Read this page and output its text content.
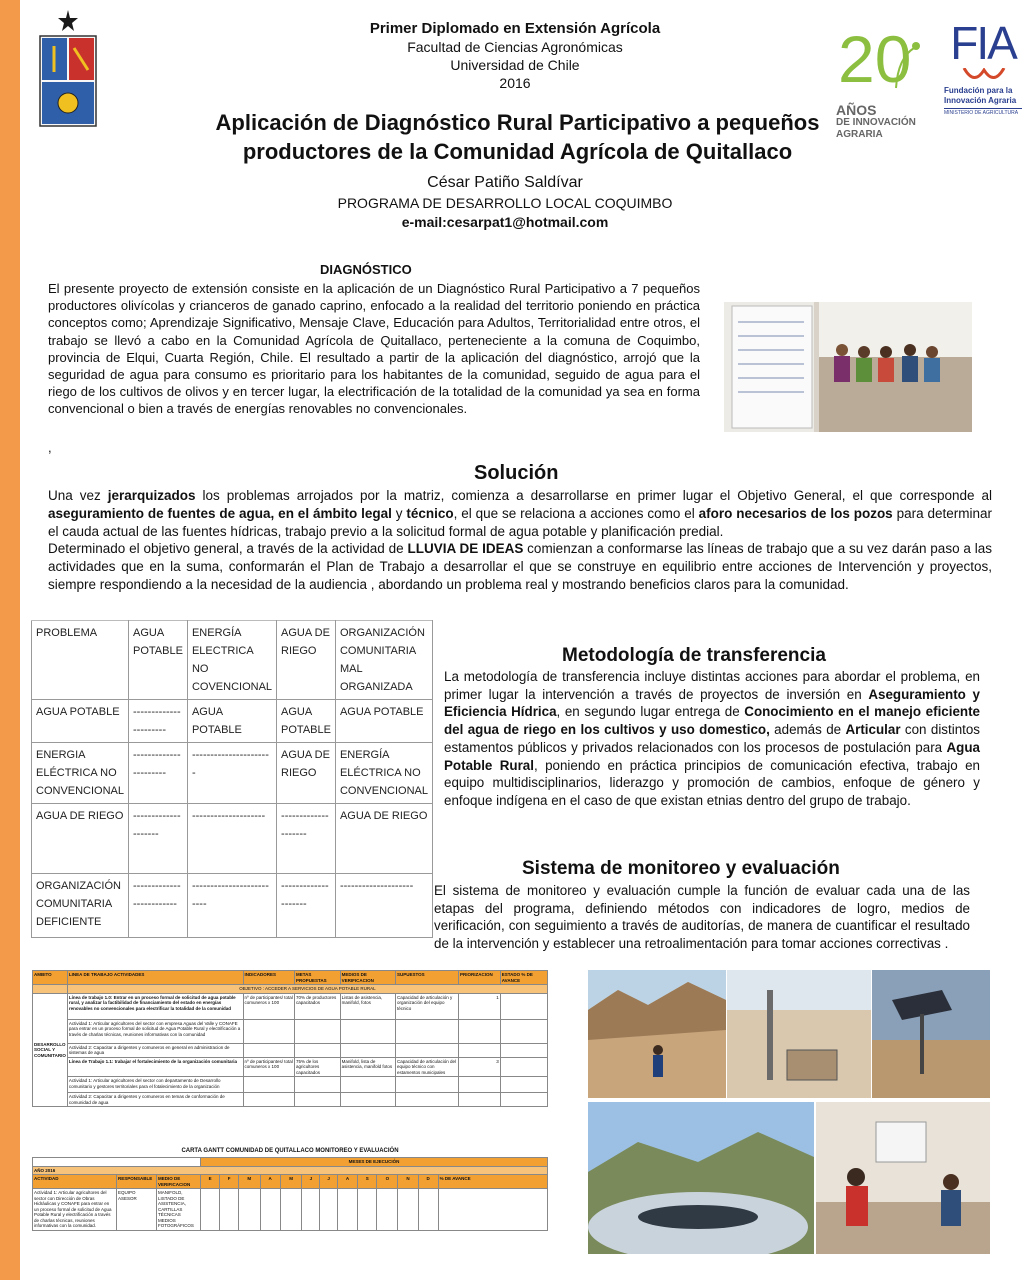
20
AÑOS
DE INNOVACIÓN
AGRARIA
FIA
Fundación para la
Innovación Agraria
MINISTERIO DE AGRICULTURA
Primer Diplomado en Extensión Agrícola
Facultad de Ciencias Agronómicas
Universidad de Chile
2016
Aplicación de Diagnóstico Rural Participativo a pequeños
productores de la Comunidad Agrícola de Quitallaco
César Patiño Saldívar
PROGRAMA DE DESARROLLO LOCAL COQUIMBO
e-mail:cesarpat1@hotmail.com
DIAGNÓSTICO
El presente proyecto de extensión consiste en la aplicación de un Diagnóstico Rural Participativo a 7 pequeños productores olivícolas y crianceros de ganado caprino, enfocado a la realidad del territorio poniendo en práctica conceptos como; Aprendizaje Significativo, Mensaje Clave, Educación para Adultos, Territorialidad entre otros, el trabajo se llevó a cabo en la Comunidad Agrícola de Quitallaco, perteneciente a la comuna de Coquimbo, provincia de Elqui, Cuarta Región, Chile. El resultado a partir de la aplicación del diagnóstico, arrojó que la seguridad de agua para consumo es prioritario para los habitantes de la comunidad, seguido de agua para el riego de los cultivos de olivos y en tercer lugar, la electrificación de la totalidad de la comunidad ya sea en forma convencional o bien a través de energías renovables no convencionales.
,
Solución

Una vez jerarquizados los problemas arrojados por la matriz, comienza a desarrollarse en primer lugar el Objetivo General, el que corresponde al aseguramiento de fuentes de agua, en el ámbito legal y técnico, el que se relaciona a acciones como el aforo necesarios de los pozos para determinar el cauda actual de las fuentes hídricas, trabajo previo a la solicitud formal de agua potable y planificación predial.

Determinado el objetivo general, a través de la actividad de LLUVIA DE IDEAS comienzan a conformarse las líneas de trabajo que a su vez darán paso a las actividades que en la suma, conformarán el Plan de Trabajo a desarrollar el que se construye en equilibrio entre acciones de Intervención y proyectos, siempre respondiendo a la necesidad de la audiencia , abordando un problema real y mostrando beneficios claros para la comunidad.

PROBLEMA	AGUA POTABLE	ENERGÍA ELECTRICA NO COVENCIONAL	AGUA DE RIEGO	ORGANIZACIÓN COMUNITARIA MAL ORGANIZADA
AGUA POTABLE	----------------------	AGUA POTABLE	AGUA POTABLE	AGUA POTABLE
ENERGIA ELÉCTRICA NO CONVENCIONAL	----------------------	----------------------	AGUA DE RIEGO	ENERGÍA ELÉCTRICA NO CONVENCIONAL
AGUA DE RIEGO	--------------------	--------------------	--------------------	AGUA DE RIEGO
ORGANIZACIÓN COMUNITARIA DEFICIENTE	-------------------------	-------------------------	--------------------	--------------------
Metodología de transferencia
La metodología de transferencia incluye distintas acciones para abordar el problema, en primer lugar la intervención a través de proyectos de inversión en Aseguramiento y Eficiencia Hídrica, en segundo lugar entrega de Conocimiento en el manejo eficiente del agua de riego en los cultivos y uso domestico, además de Articular con distintos estamentos públicos y privados relacionados con los procesos de postulación para Agua Potable Rural, poniendo en práctica principios de comunicación efectiva, trabajo en equipo multidisciplinarios, liderazgo y promoción de cambios, enfoque de género y enfoque indígena en el caso de que existan etnias dentro del grupo de trabajo.
Sistema de monitoreo y evaluación
El sistema de monitoreo y evaluación cumple la función de evaluar cada una de las etapas del programa, definiendo métodos con indicadores de logro, medios de verificación, con seguimiento a través de auditorías, de manera de cuantificar el resultado de la intervención y establecer una retroalimentación para tomar acciones correctivas .
AMBITO	LINEA DE TRABAJO ACTIVIDADES	INDICADORES	METAS PROPUESTAS	MEDIOS DE VERIFICACION	SUPUESTOS	PRIORIZACION	ESTADO % DE AVANCE
	OBJETIVO : ACCEDER A SERVICIOS DE AGUA POTABLE RURAL						
DESARROLLO SOCIAL Y COMUNITARIO	Línea de trabajo 1.0: Entrar en un proceso formal de solicitud de agua potable rural, y analizar la factibilidad de financiamiento del estado en energías renovables no convencionales para electrificar la totalidad de la comunidad	nº de participantes/ total comuneros x 100	70% de productores capacitados	Listas de asistencia, manifold, fotos	Capacidad de articulación y organización del equipo técnico	1	
	Actividad 1: Articular agricultores del sector con empresa Aguas del Valle y CONAFE para entrar en un proceso formal de solicitud de Agua Potable Rural y electrificación a través de charlas técnicas, reuniones informativas con la comunidad						
	Actividad 2: Capacitar a dirigentes y comuneros en general en administracion de sistemas de agua						
	Línea de Trabajo 1.1: trabajar el fortalecimiento de la organización comunitaria	nº de participantes/ total comuneros x 100	75% de los agricultores capacitados	Manifold, lista de asistencia, manifold fotos	Capacidad de articulación del equipo técnico con estamentos municipales	3	
	Actividad 1: Articular agricultores del sector con departamento de Desarrollo comunitario y gestores territoriales para el fotalecimiento de la organización						
	Actividad 2: Capacitar a dirigentes y comuneros en temas de conformación de comunidad de agua						
CARTA GANTT COMUNIDAD DE QUITALLACO MONITOREO Y EVALUACIÓN
			MESES DE EJECUCIÓN												
AÑO 2016															
ACTIVIDAD	RESPONSABLE	MEDIO DE VERIFICACION	E	F	M	A	M	J	J	A	S	O	N	D	% DE AVANCE
Actividad 1: Articular agricultores del sector con Dirección de Obras Hidráulicas y CONAFE para entrar en un proceso formal de solicitud de Agua Potable Rural y electrificación a través de charlas técnicas, reuniones informativas con la comunidad.	EQUIPO ASESOR	MANIFOLD, LISTADO DE ASISTENCIA, CARTILLAS TÉCNICAS MEDIOS FOTOGRÁFICOS													
